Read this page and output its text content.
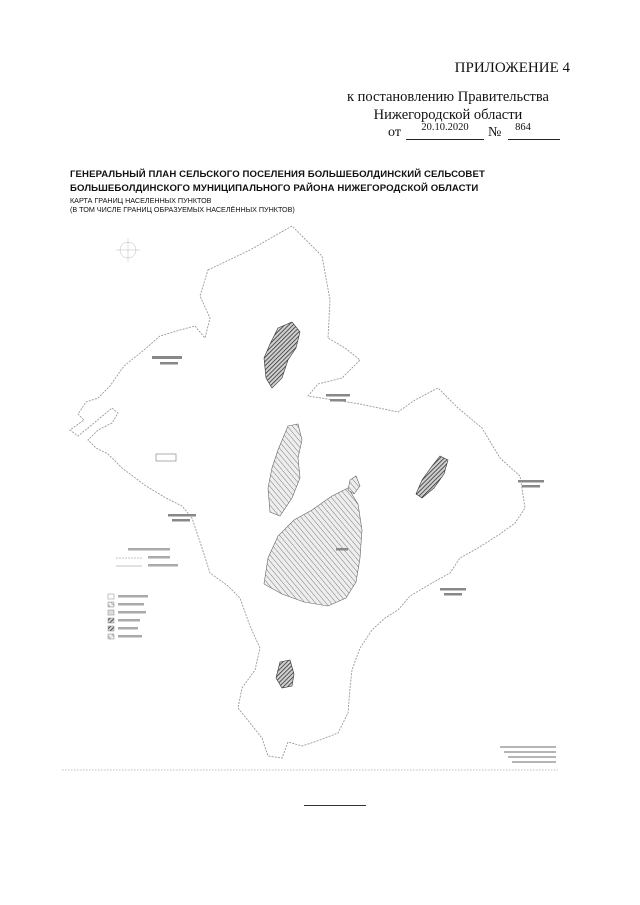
ПРИЛОЖЕНИЕ 4
к постановлению Правительства
Нижегородской области
от	20.10.2020	№	864
ГЕНЕРАЛЬНЫЙ ПЛАН СЕЛЬСКОГО ПОСЕЛЕНИЯ БОЛЬШЕБОЛДИНСКИЙ СЕЛЬСОВЕТ
БОЛЬШЕБОЛДИНСКОГО МУНИЦИПАЛЬНОГО РАЙОНА НИЖЕГОРОДСКОЙ ОБЛАСТИ
КАРТА ГРАНИЦ НАСЕЛЕННЫХ ПУНКТОВ
(В ТОМ ЧИСЛЕ ГРАНИЦ ОБРАЗУЕМЫХ НАСЕЛЁННЫХ ПУНКТОВ)
